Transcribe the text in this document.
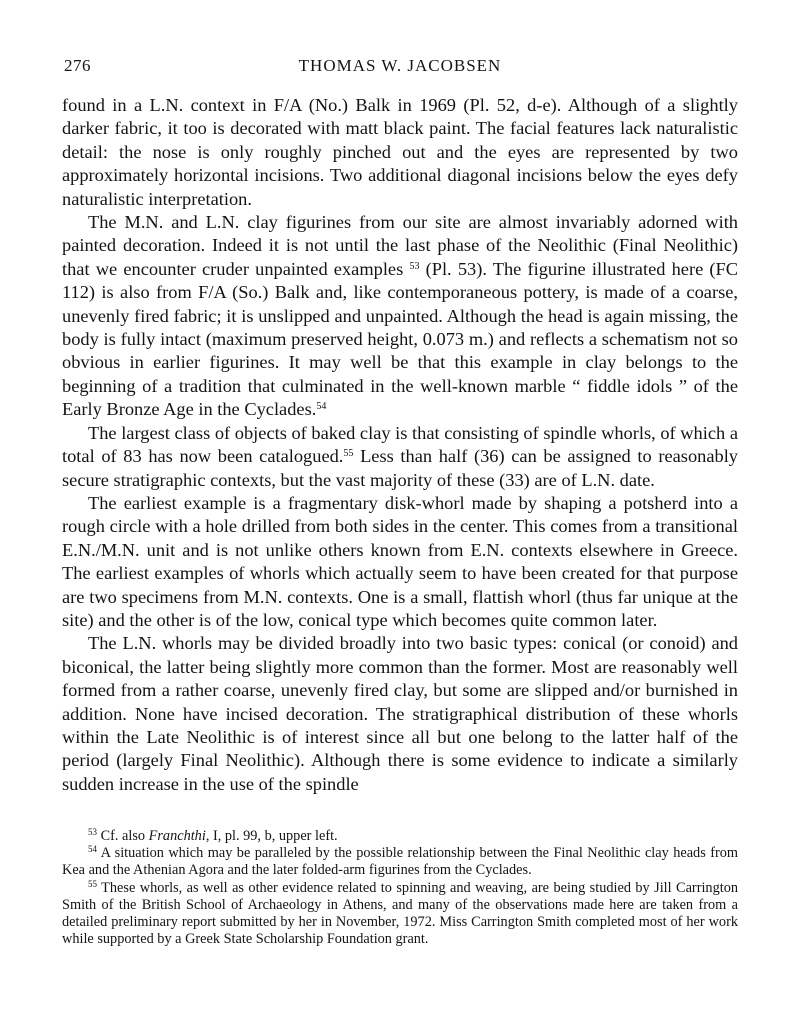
276	THOMAS W. JACOBSEN

found in a L.N. context in F/A (No.) Balk in 1969 (Pl. 52, d-e). Although of a slightly darker fabric, it too is decorated with matt black paint. The facial features lack naturalistic detail: the nose is only roughly pinched out and the eyes are represented by two approximately horizontal incisions. Two additional diagonal incisions below the eyes defy naturalistic interpretation.

The M.N. and L.N. clay figurines from our site are almost invariably adorned with painted decoration. Indeed it is not until the last phase of the Neolithic (Final Neolithic) that we encounter cruder unpainted examples $^{53}$ (Pl. 53). The figurine illustrated here (FC 112) is also from F/A (So.) Balk and, like contemporaneous pottery, is made of a coarse, unevenly fired fabric; it is unslipped and unpainted. Although the head is again missing, the body is fully intact (maximum preserved height, 0.073 m.) and reflects a schematism not so obvious in earlier figurines. It may well be that this example in clay belongs to the beginning of a tradition that culminated in the well-known marble “ fiddle idols ” of the Early Bronze Age in the Cyclades.$^{54}$

The largest class of objects of baked clay is that consisting of spindle whorls, of which a total of 83 has now been catalogued.$^{55}$ Less than half (36) can be assigned to reasonably secure stratigraphic contexts, but the vast majority of these (33) are of L.N. date.

The earliest example is a fragmentary disk-whorl made by shaping a potsherd into a rough circle with a hole drilled from both sides in the center. This comes from a transitional E.N./M.N. unit and is not unlike others known from E.N. contexts elsewhere in Greece. The earliest examples of whorls which actually seem to have been created for that purpose are two specimens from M.N. contexts. One is a small, flattish whorl (thus far unique at the site) and the other is of the low, conical type which becomes quite common later.

The L.N. whorls may be divided broadly into two basic types: conical (or conoid) and biconical, the latter being slightly more common than the former. Most are reasonably well formed from a rather coarse, unevenly fired clay, but some are slipped and/or burnished in addition. None have incised decoration. The stratigraphical distribution of these whorls within the Late Neolithic is of interest since all but one belong to the latter half of the period (largely Final Neolithic). Although there is some evidence to indicate a similarly sudden increase in the use of the spindle

$^{53}$ Cf. also Franchthi, I, pl. 99, b, upper left.

$^{54}$ A situation which may be paralleled by the possible relationship between the Final Neolithic clay heads from Kea and the Athenian Agora and the later folded-arm figurines from the Cyclades.

$^{55}$ These whorls, as well as other evidence related to spinning and weaving, are being studied by Jill Carrington Smith of the British School of Archaeology in Athens, and many of the observations made here are taken from a detailed preliminary report submitted by her in November, 1972. Miss Carrington Smith completed most of her work while supported by a Greek State Scholarship Foundation grant.
